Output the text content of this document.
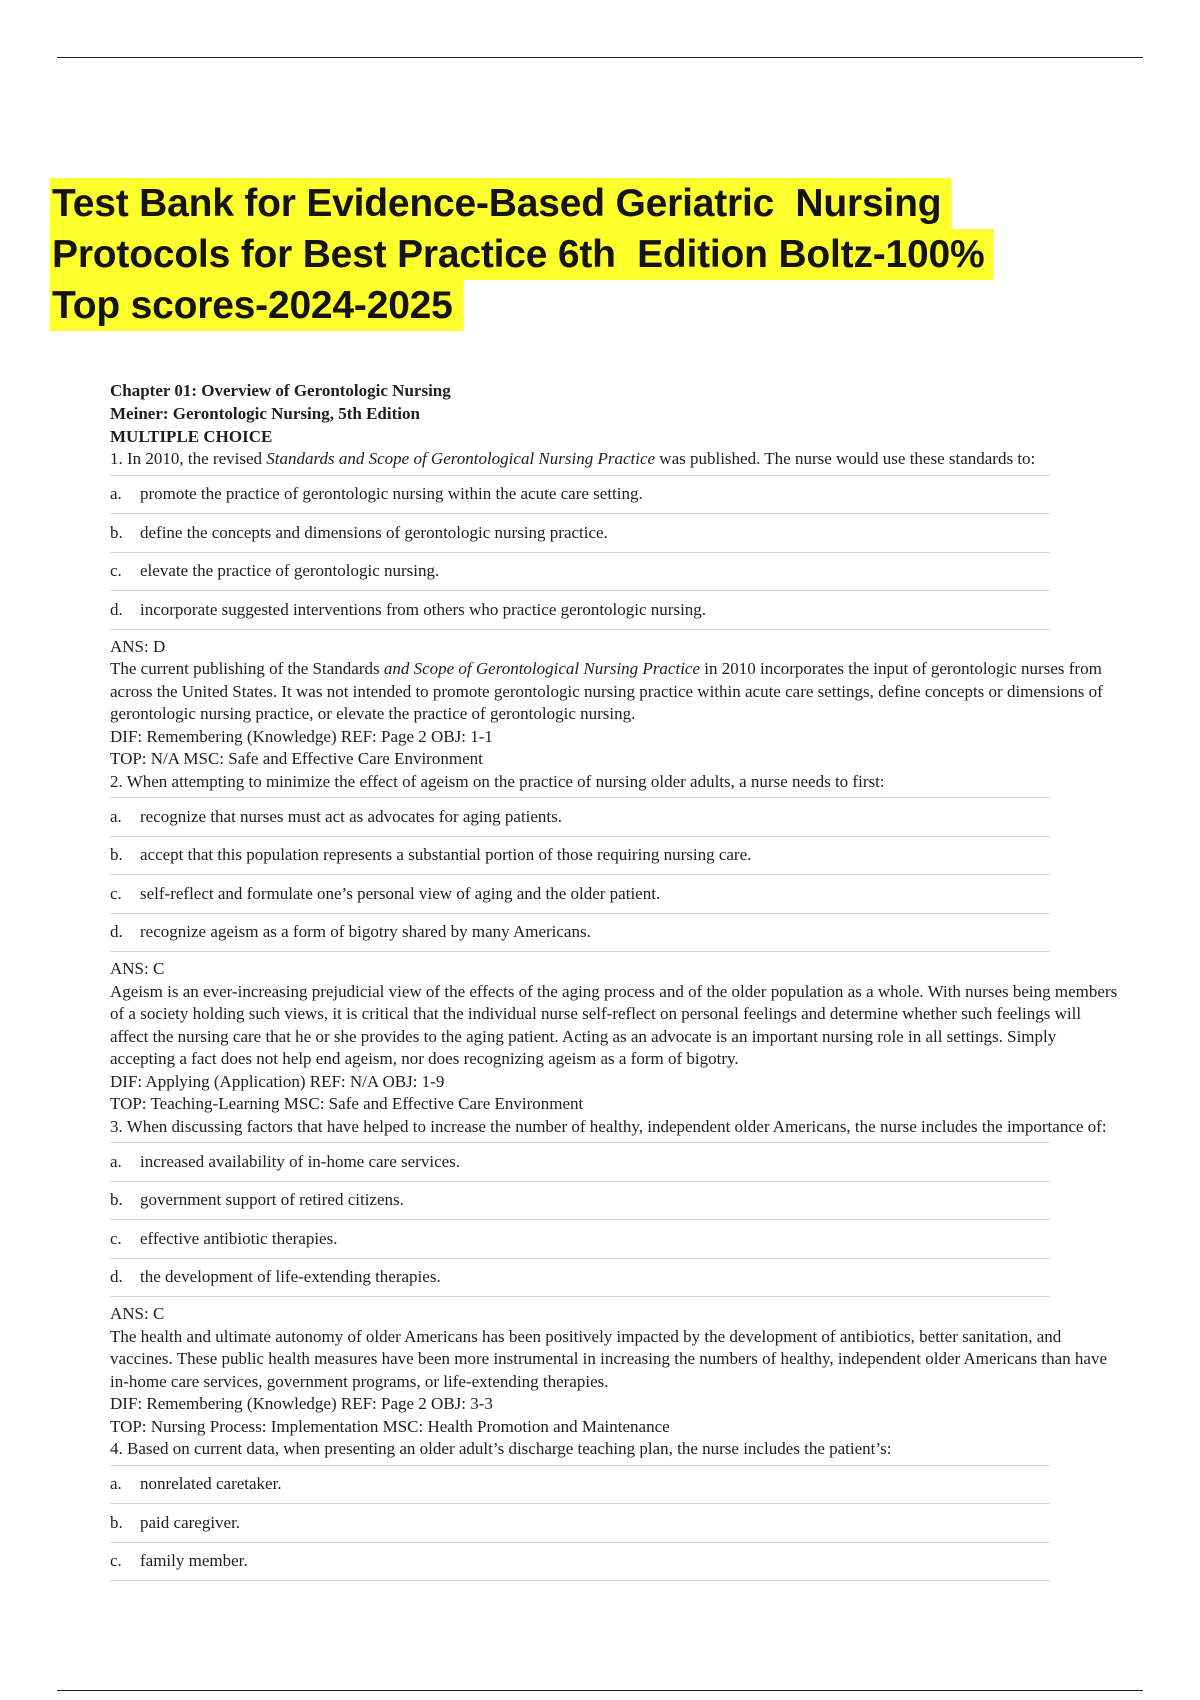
Test Bank for Evidence-Based Geriatric  Nursing
Protocols for Best Practice 6th  Edition Boltz-100%
Top scores-2024-2025
Chapter 01: Overview of Gerontologic Nursing
Meiner: Gerontologic Nursing, 5th Edition
MULTIPLE CHOICE
1. In 2010, the revised Standards and Scope of Gerontological Nursing Practice was published. The nurse would use these standards to:
a.	promote the practice of gerontologic nursing within the acute care setting.
b.	define the concepts and dimensions of gerontologic nursing practice.
c.	elevate the practice of gerontologic nursing.
d.	incorporate suggested interventions from others who practice gerontologic nursing.
ANS: D
The current publishing of the Standards and Scope of Gerontological Nursing Practice in 2010 incorporates the input of gerontologic nurses from across the United States. It was not intended to promote gerontologic nursing practice within acute care settings, define concepts or dimensions of gerontologic nursing practice, or elevate the practice of gerontologic nursing.
DIF: Remembering (Knowledge) REF: Page 2 OBJ: 1-1
TOP: N/A MSC: Safe and Effective Care Environment
2. When attempting to minimize the effect of ageism on the practice of nursing older adults, a nurse needs to first:
a.	recognize that nurses must act as advocates for aging patients.
b.	accept that this population represents a substantial portion of those requiring nursing care.
c.	self-reflect and formulate one’s personal view of aging and the older patient.
d.	recognize ageism as a form of bigotry shared by many Americans.
ANS: C
Ageism is an ever-increasing prejudicial view of the effects of the aging process and of the older population as a whole. With nurses being members of a society holding such views, it is critical that the individual nurse self-reflect on personal feelings and determine whether such feelings will affect the nursing care that he or she provides to the aging patient. Acting as an advocate is an important nursing role in all settings. Simply accepting a fact does not help end ageism, nor does recognizing ageism as a form of bigotry.
DIF: Applying (Application) REF: N/A OBJ: 1-9
TOP: Teaching-Learning MSC: Safe and Effective Care Environment
3. When discussing factors that have helped to increase the number of healthy, independent older Americans, the nurse includes the importance of:
a.	increased availability of in-home care services.
b.	government support of retired citizens.
c.	effective antibiotic therapies.
d.	the development of life-extending therapies.
ANS: C
The health and ultimate autonomy of older Americans has been positively impacted by the development of antibiotics, better sanitation, and vaccines. These public health measures have been more instrumental in increasing the numbers of healthy, independent older Americans than have in-home care services, government programs, or life-extending therapies.
DIF: Remembering (Knowledge) REF: Page 2 OBJ: 3-3
TOP: Nursing Process: Implementation MSC: Health Promotion and Maintenance
4. Based on current data, when presenting an older adult’s discharge teaching plan, the nurse includes the patient’s:
a.	nonrelated caretaker.
b.	paid caregiver.
c.	family member.
